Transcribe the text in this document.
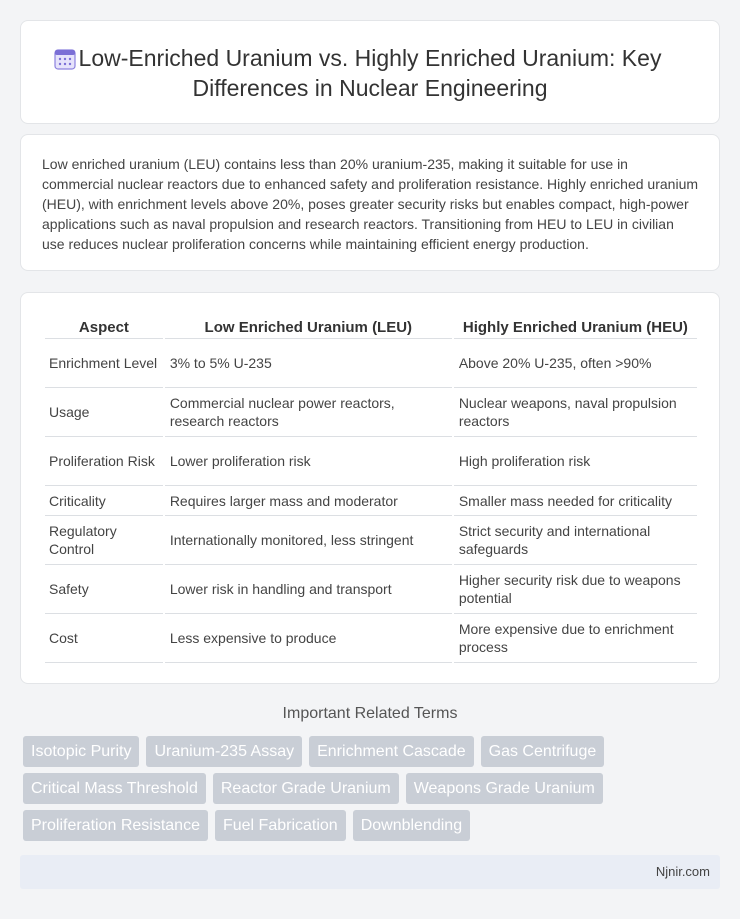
Low-Enriched Uranium vs. Highly Enriched Uranium: Key Differences in Nuclear Engineering

Low enriched uranium (LEU) contains less than 20% uranium-235, making it suitable for use in commercial nuclear reactors due to enhanced safety and proliferation resistance. Highly enriched uranium (HEU), with enrichment levels above 20%, poses greater security risks but enables compact, high-power applications such as naval propulsion and research reactors. Transitioning from HEU to LEU in civilian use reduces nuclear proliferation concerns while maintaining efficient energy production.

Aspect	Low Enriched Uranium (LEU)	Highly Enriched Uranium (HEU)
Enrichment Level	3% to 5% U-235	Above 20% U-235, often >90%
Usage	Commercial nuclear power reactors, research reactors	Nuclear weapons, naval propulsion reactors
Proliferation Risk	Lower proliferation risk	High proliferation risk
Criticality	Requires larger mass and moderator	Smaller mass needed for criticality
Regulatory Control	Internationally monitored, less stringent	Strict security and international safeguards
Safety	Lower risk in handling and transport	Higher security risk due to weapons potential
Cost	Less expensive to produce	More expensive due to enrichment process
Important Related Terms
Isotopic Purity	Uranium-235 Assay	Enrichment Cascade	Gas Centrifuge
Critical Mass Threshold	Reactor Grade Uranium	Weapons Grade Uranium
Proliferation Resistance	Fuel Fabrication	Downblending
Njnir.com
